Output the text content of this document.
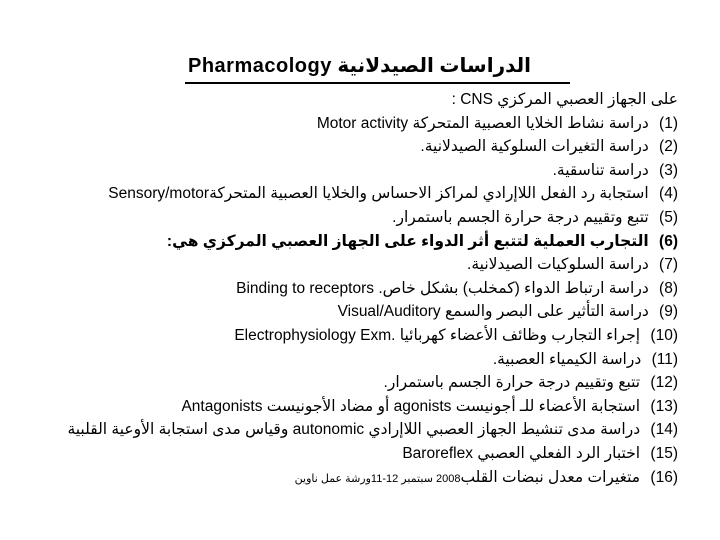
Pharmacology الدراسات الصيدلانية
على الجهاز العصبي المركزي CNS :
(1) دراسة نشاط الخلايا العصبية المتحركة Motor activity
(2) دراسة التغيرات السلوكية الصيدلانية.
(3) دراسة تناسقية.
(4) استجابة رد الفعل اللاإرادي لمراكز الاحساس والخلايا العصبية المتحركةSensory/motor
(5) تتبع وتقييم درجة حرارة الجسم باستمرار.
(6) التجارب العملية لتتبع أثر الدواء على الجهاز العصبي المركزي هي:
(7) دراسة السلوكيات الصيدلانية.
(8) دراسة ارتباط الدواء (كمخلب) بشكل خاص. Binding to receptors
(9) دراسة التأثير على البصر والسمع Visual/Auditory
(10) إجراء التجارب وظائف الأعضاء كهربائيا Electrophysiology Exm.
(11) دراسة الكيمياء العصبية.
(12) تتبع وتقييم درجة حرارة الجسم باستمرار.
(13) استجابة الأعضاء للـ أجونيست agonists أو مضاد الأجونيست Antagonists
(14) دراسة مدى تنشيط الجهاز العصبي اللاإرادي autonomic وقياس مدى استجابة الأوعية القلبية
(15) اختبار الرد الفعلي العصبي Baroreflex
(16) متغيرات معدل نبضات القلب2008 سبتمبر 12-11ورشة عمل ناوين
